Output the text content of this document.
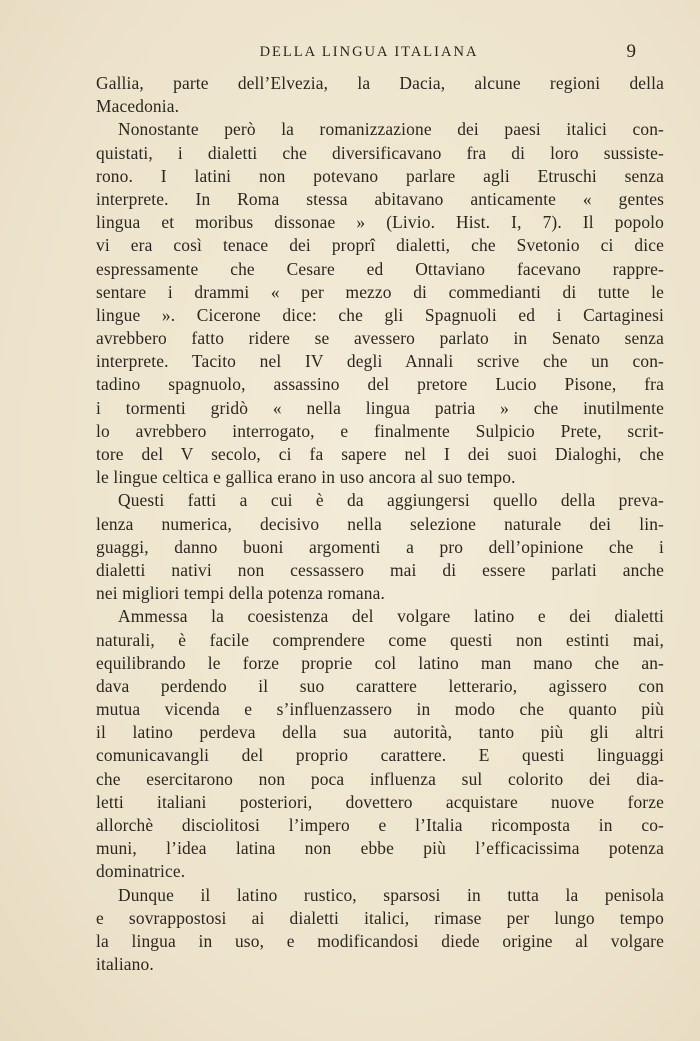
DELLA LINGUA ITALIANA	9
Gallia, parte dell’Elvezia, la Dacia, alcune regioni della
Macedonia.
Nonostante però la romanizzazione dei paesi italici con-
quistati, i dialetti che diversificavano fra di loro sussiste-
rono. I latini non potevano parlare agli Etruschi senza
interprete. In Roma stessa abitavano anticamente « gentes
lingua et moribus dissonae » (Livio. Hist. I, 7). Il popolo
vi era così tenace dei proprî dialetti, che Svetonio ci dice
espressamente che Cesare ed Ottaviano facevano rappre-
sentare i drammi « per mezzo di commedianti di tutte le
lingue ». Cicerone dice: che gli Spagnuoli ed i Cartaginesi
avrebbero fatto ridere se avessero parlato in Senato senza
interprete. Tacito nel IV degli Annali scrive che un con-
tadino spagnuolo, assassino del pretore Lucio Pisone, fra
i tormenti gridò « nella lingua patria » che inutilmente
lo avrebbero interrogato, e finalmente Sulpicio Prete, scrit-
tore del V secolo, ci fa sapere nel I dei suoi Dialoghi, che
le lingue celtica e gallica erano in uso ancora al suo tempo.
Questi fatti a cui è da aggiungersi quello della preva-
lenza numerica, decisivo nella selezione naturale dei lin-
guaggi, danno buoni argomenti a pro dell’opinione che i
dialetti nativi non cessassero mai di essere parlati anche
nei migliori tempi della potenza romana.
Ammessa la coesistenza del volgare latino e dei dialetti
naturali, è facile comprendere come questi non estinti mai,
equilibrando le forze proprie col latino man mano che an-
dava perdendo il suo carattere letterario, agissero con
mutua vicenda e s’influenzassero in modo che quanto più
il latino perdeva della sua autorità, tanto più gli altri
comunicavangli del proprio carattere. E questi linguaggi
che esercitarono non poca influenza sul colorito dei dia-
letti italiani posteriori, dovettero acquistare nuove forze
allorchè disciolitosi l’impero e l’Italia ricomposta in co-
muni, l’idea latina non ebbe più l’efficacissima potenza
dominatrice.
Dunque il latino rustico, sparsosi in tutta la penisola
e sovrappostosi ai dialetti italici, rimase per lungo tempo
la lingua in uso, e modificandosi diede origine al volgare
italiano.
